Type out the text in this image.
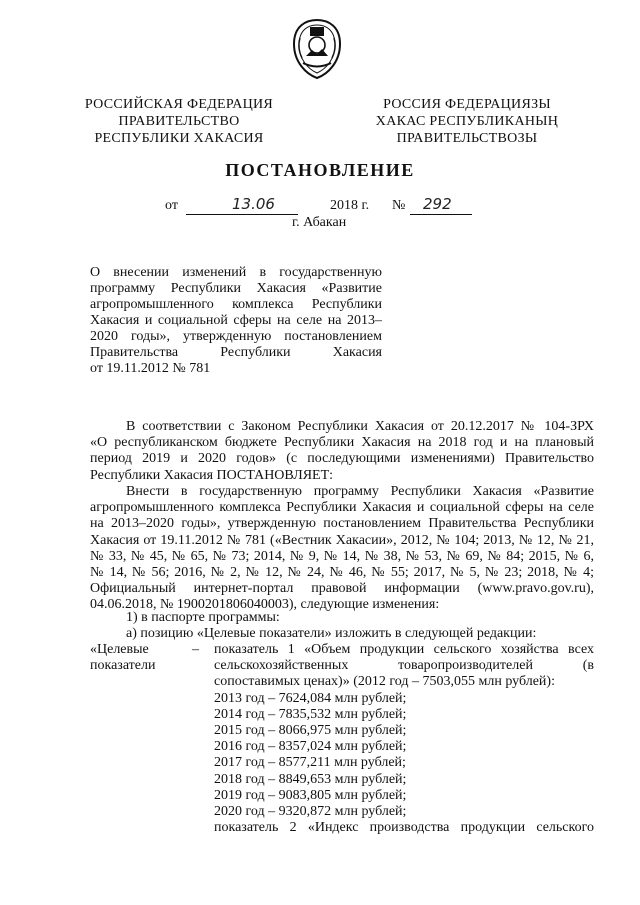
РОССИЙСКАЯ ФЕДЕРАЦИЯ
ПРАВИТЕЛЬСТВО
РЕСПУБЛИКИ ХАКАСИЯ
РОССИЯ ФЕДЕРАЦИЯЗЫ
ХАКАС РЕСПУБЛИКАНЫҢ
ПРАВИТЕЛЬСТВОЗЫ
ПОСТАНОВЛЕНИЕ
от	13.06	2018 г. № 292
г. Абакан
О внесении изменений в государственную
программу Республики Хакасия «Развитие
агропромышленного комплекса Республики
Хакасия и социальной сферы на селе на 2013–
2020 годы», утвержденную постановлением
Правительства Республики Хакасия
от 19.11.2012 № 781
В соответствии с Законом Республики Хакасия от 20.12.2017 № 104-ЗРХ
«О республиканском бюджете Республики Хакасия на 2018 год и на плановый
период 2019 и 2020 годов» (с последующими изменениями) Правительство
Республики Хакасия ПОСТАНОВЛЯЕТ:
Внести в государственную программу Республики Хакасия «Развитие
агропромышленного комплекса Республики Хакасия и социальной сферы на селе
на 2013–2020 годы», утвержденную постановлением Правительства Республики
Хакасия от 19.11.2012 № 781 («Вестник Хакасии», 2012, № 104; 2013, № 12, № 21,
№ 33, № 45, № 65, № 73; 2014, № 9, № 14, № 38, № 53, № 69, № 84; 2015, № 6,
№ 14, № 56; 2016, № 2, № 12, № 24, № 46, № 55; 2017, № 5, № 23; 2018, № 4;
Официальный интернет-портал правовой информации (www.pravo.gov.ru),
04.06.2018, № 1900201806040003), следующие изменения:
1) в паспорте программы:
а) позицию «Целевые показатели» изложить в следующей редакции:
«Целевые
показатели
– показатель 1 «Объем продукции сельского хозяйства всех
сельскохозяйственных товаропроизводителей (в
сопоставимых ценах)» (2012 год – 7503,055 млн рублей):
2013 год – 7624,084 млн рублей;
2014 год – 7835,532 млн рублей;
2015 год – 8066,975 млн рублей;
2016 год – 8357,024 млн рублей;
2017 год – 8577,211 млн рублей;
2018 год – 8849,653 млн рублей;
2019 год – 9083,805 млн рублей;
2020 год – 9320,872 млн рублей;
показатель 2 «Индекс производства продукции сельского
